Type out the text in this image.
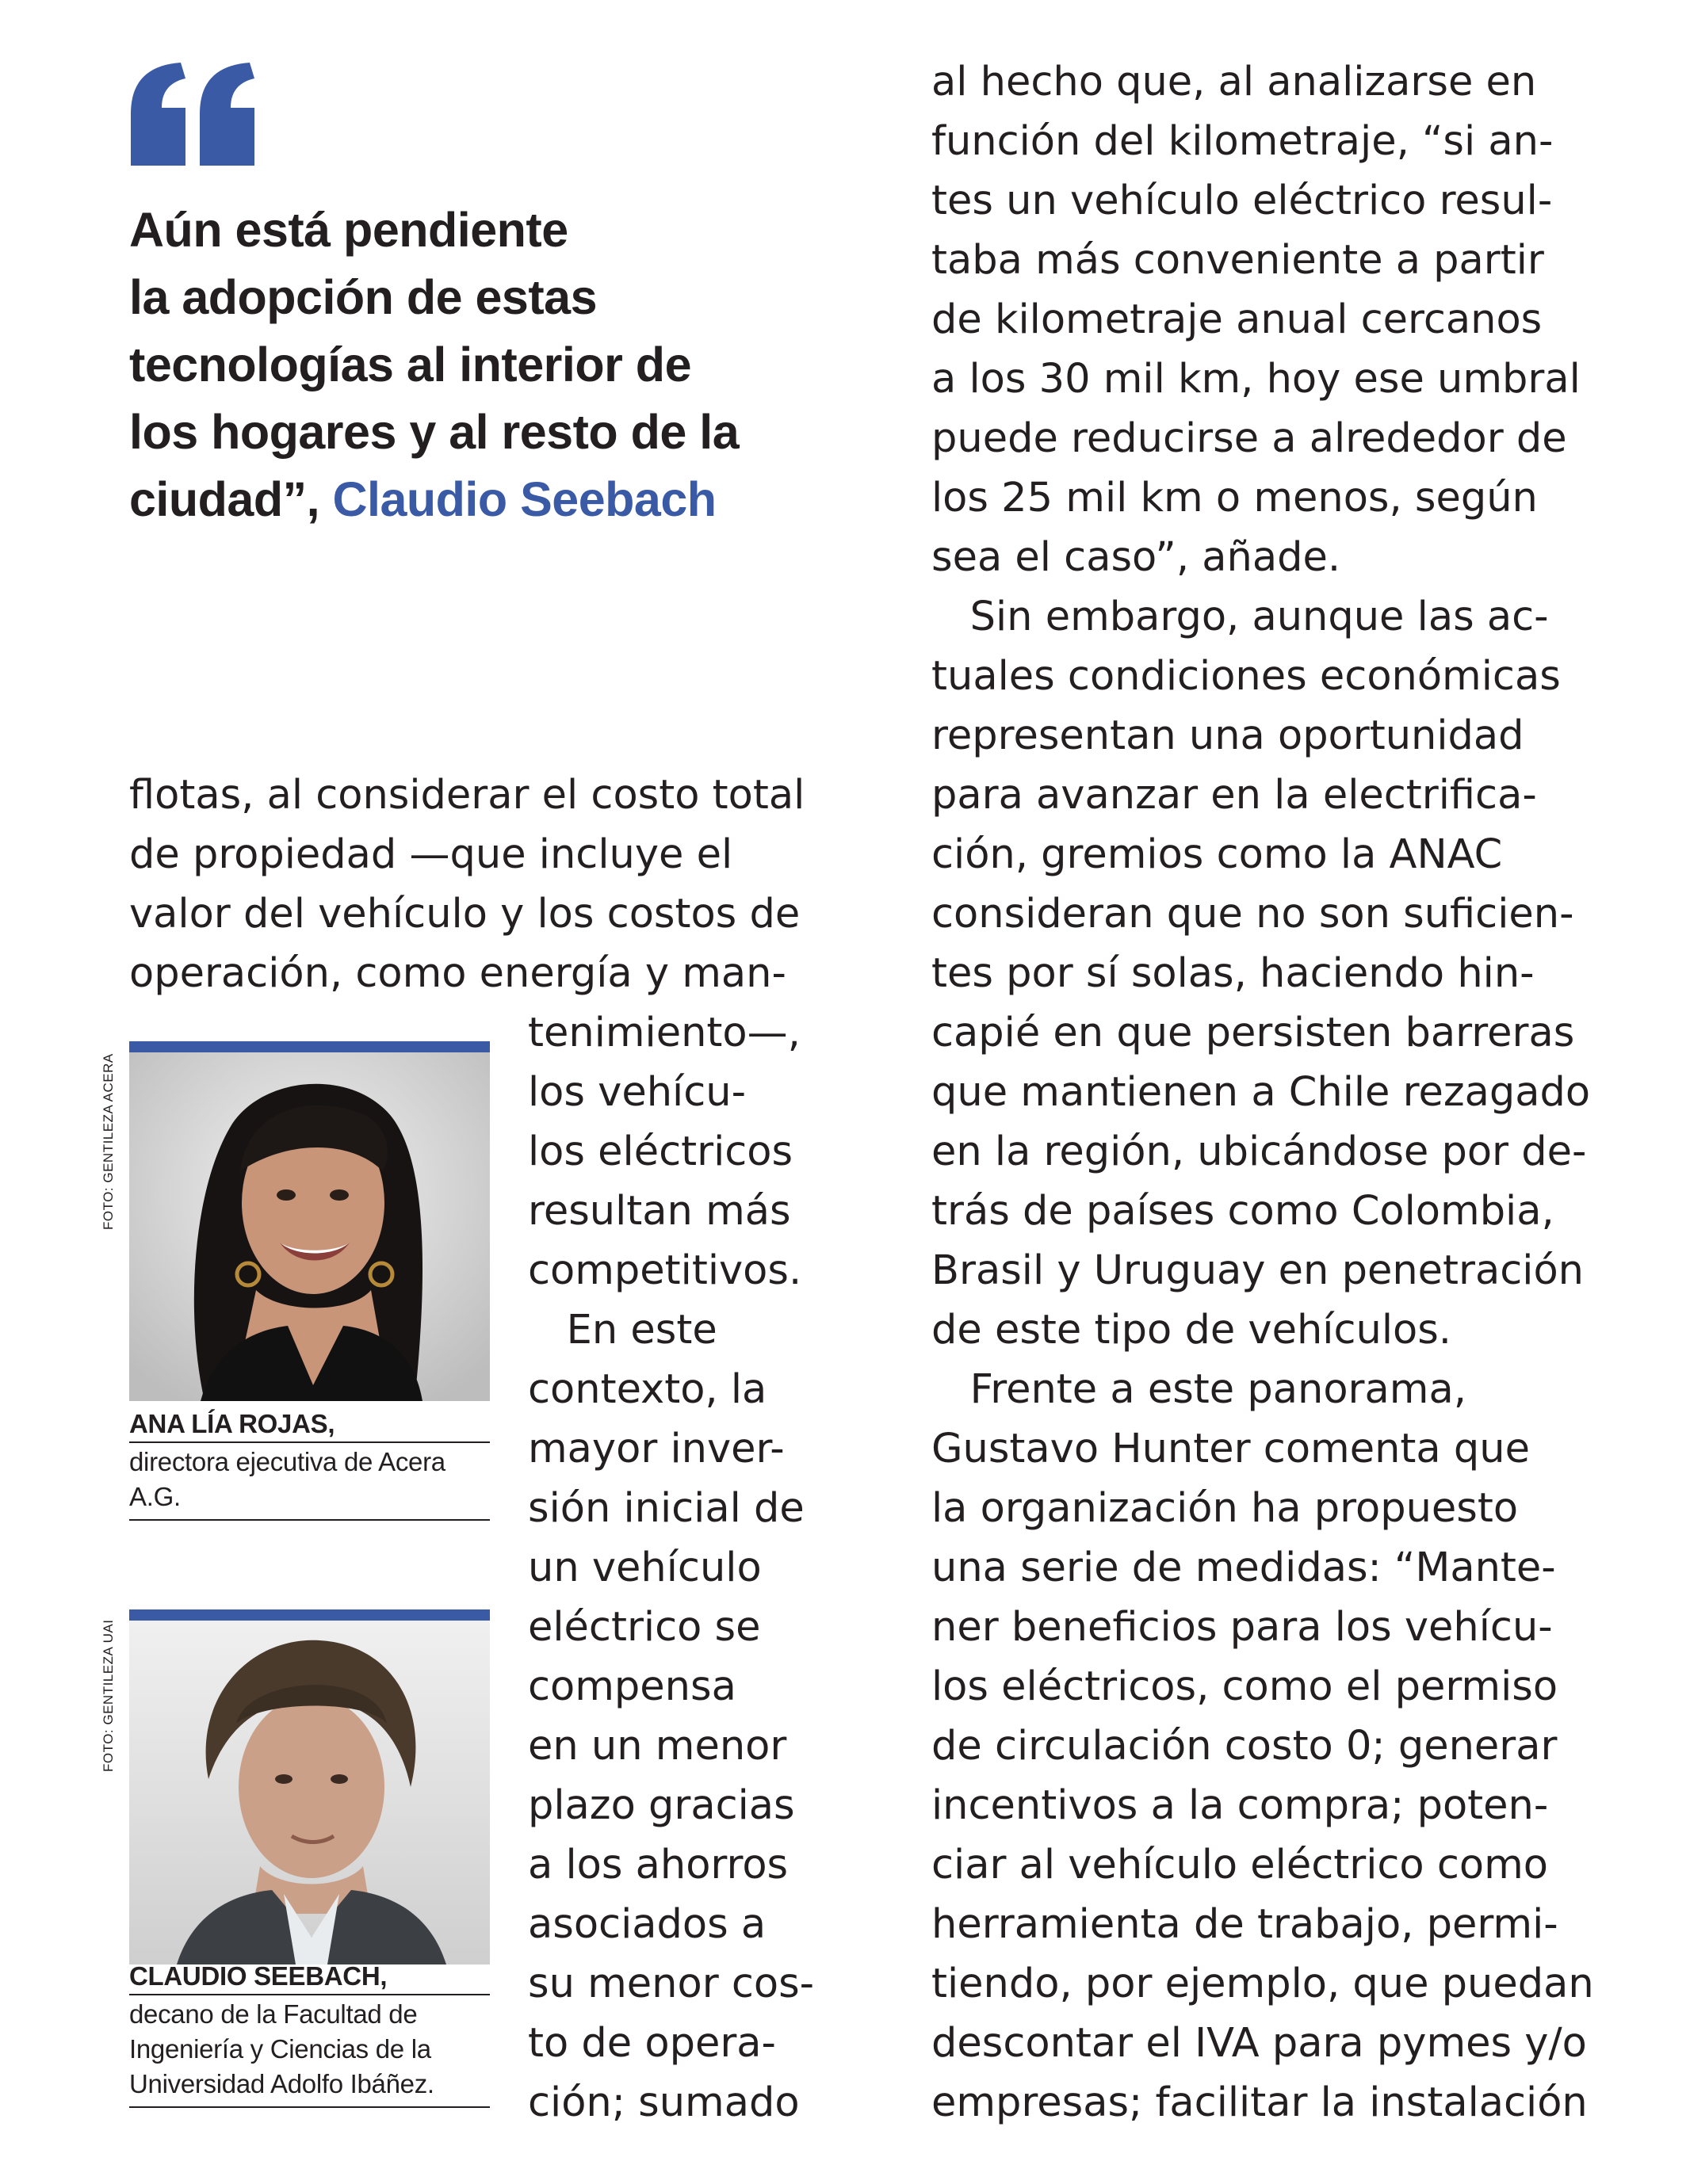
Aún está pendiente
la adopción de estas
tecnologías al interior de
los hogares y al resto de la
ciudad”, Claudio Seebach
flotas, al considerar el costo total
de propiedad —que incluye el
valor del vehículo y los costos de
operación, como energía y man-
tenimiento—,
los vehícu-
los eléctricos
resultan más
competitivos.
En este
contexto, la
mayor inver-
sión inicial de
un vehículo
eléctrico se
compensa
en un menor
plazo gracias
a los ahorros
asociados a
su menor cos-
to de opera-
ción; sumado
al hecho que, al analizarse en
función del kilometraje, “si an-
tes un vehículo eléctrico resul-
taba más conveniente a partir
de kilometraje anual cercanos
a los 30 mil km, hoy ese umbral
puede reducirse a alrededor de
los 25 mil km o menos, según
sea el caso”, añade.
Sin embargo, aunque las ac-
tuales condiciones económicas
representan una oportunidad
para avanzar en la electrifica-
ción, gremios como la ANAC
consideran que no son suficien-
tes por sí solas, haciendo hin-
capié en que persisten barreras
que mantienen a Chile rezagado
en la región, ubicándose por de-
trás de países como Colombia,
Brasil y Uruguay en penetración
de este tipo de vehículos.
Frente a este panorama,
Gustavo Hunter comenta que
la organización ha propuesto
una serie de medidas: “Mante-
ner beneficios para los vehícu-
los eléctricos, como el permiso
de circulación costo 0; generar
incentivos a la compra; poten-
ciar al vehículo eléctrico como
herramienta de trabajo, permi-
tiendo, por ejemplo, que puedan
descontar el IVA para pymes y/o
empresas; facilitar la instalación
FOTO: GENTILEZA ACERA
FOTO: GENTILEZA UAI
ANA LÍA ROJAS,
directora ejecutiva de Acera
A.G.
CLAUDIO SEEBACH,
decano de la Facultad de
Ingeniería y Ciencias de la
Universidad Adolfo Ibáñez.
